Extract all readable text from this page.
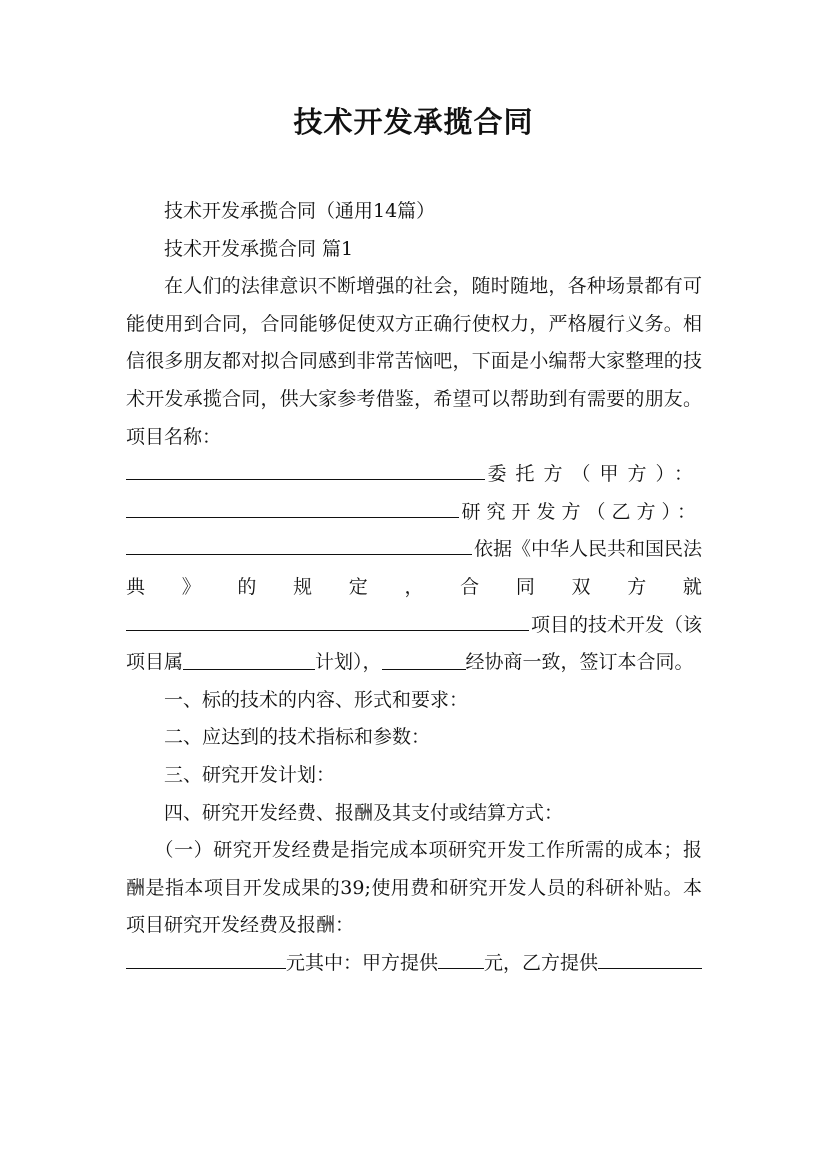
技术开发承揽合同

技术开发承揽合同（通用14篇）

技术开发承揽合同 篇1

在人们的法律意识不断增强的社会，随时随地，各种场景都有可能使用到合同，合同能够促使双方正确行使权力，严格履行义务。相信很多朋友都对拟合同感到非常苦恼吧，下面是小编帮大家整理的技术开发承揽合同，供大家参考借鉴，希望可以帮助到有需要的朋友。项目名称：

委托方（甲方）：
研究开发方（乙方）：
依据《中华人民共和国民法
典 》 的 规 定 ， 合 同 双 方 就
项目的技术开发（该

项目属	计划），	经协商一致，签订本合同。

一、标的技术的内容、形式和要求：

二、应达到的技术指标和参数：

三、研究开发计划：

四、研究开发经费、报酬及其支付或结算方式：

（一）研究开发经费是指完成本项研究开发工作所需的成本；报酬是指本项目开发成果的39;使用费和研究开发人员的科研补贴。本项目研究开发经费及报酬：

元其中：甲方提供 元，乙方提供
